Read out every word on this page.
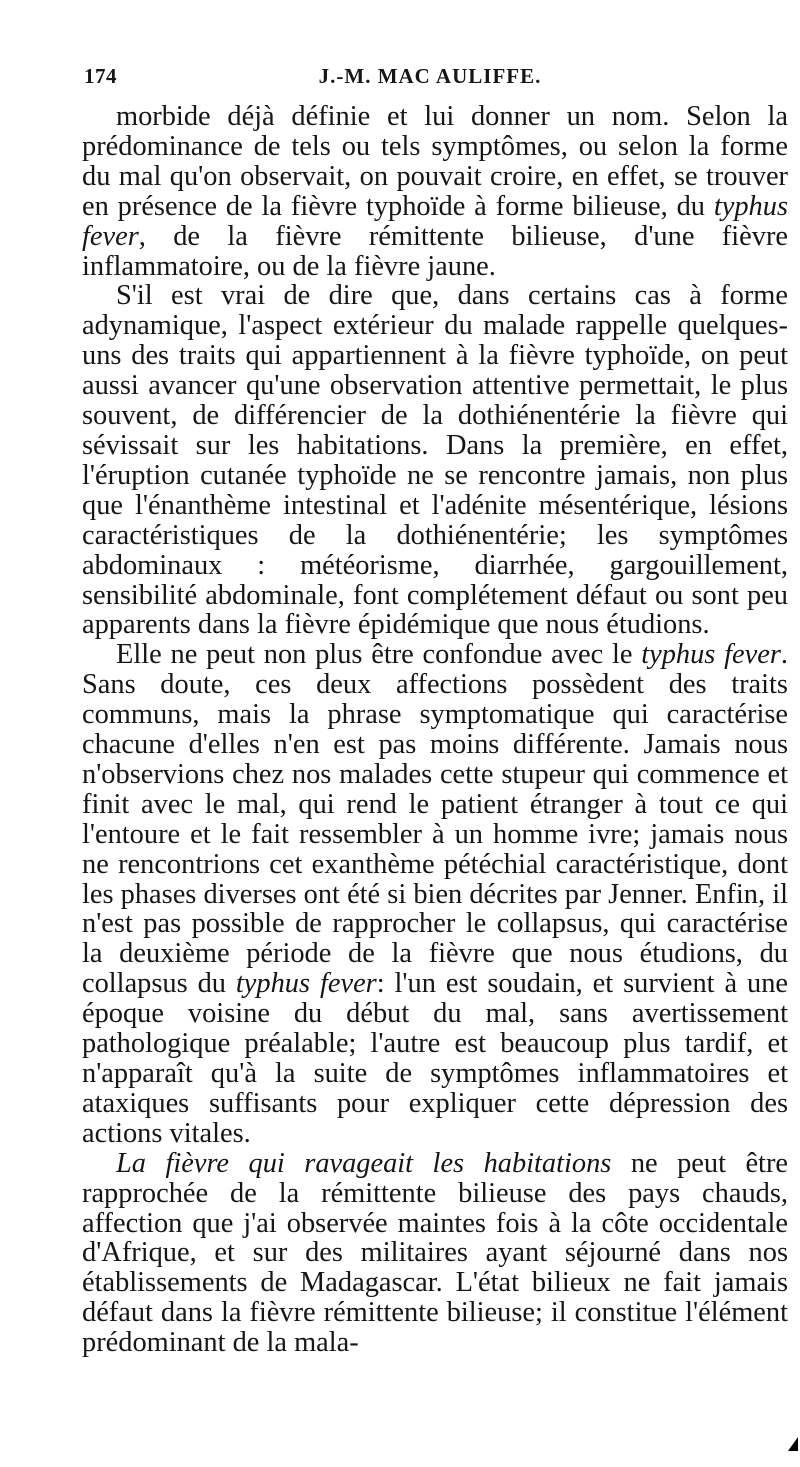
174	J.-M. MAC AULIFFE.

morbide déjà définie et lui donner un nom. Selon la prédominance de tels ou tels symptômes, ou selon la forme du mal qu'on observait, on pouvait croire, en effet, se trouver en présence de la fièvre typhoïde à forme bilieuse, du typhus fever, de la fièvre rémittente bilieuse, d'une fièvre inflammatoire, ou de la fièvre jaune.

S'il est vrai de dire que, dans certains cas à forme adynamique, l'aspect extérieur du malade rappelle quelques-uns des traits qui appartiennent à la fièvre typhoïde, on peut aussi avancer qu'une observation attentive permettait, le plus souvent, de différencier de la dothiénentérie la fièvre qui sévissait sur les habitations. Dans la première, en effet, l'éruption cutanée typhoïde ne se rencontre jamais, non plus que l'énanthème intestinal et l'adénite mésentérique, lésions caractéristiques de la dothiénentérie; les symptômes abdominaux : météorisme, diarrhée, gargouillement, sensibilité abdominale, font complétement défaut ou sont peu apparents dans la fièvre épidémique que nous étudions.

Elle ne peut non plus être confondue avec le typhus fever. Sans doute, ces deux affections possèdent des traits communs, mais la phrase symptomatique qui caractérise chacune d'elles n'en est pas moins différente. Jamais nous n'observions chez nos malades cette stupeur qui commence et finit avec le mal, qui rend le patient étranger à tout ce qui l'entoure et le fait ressembler à un homme ivre; jamais nous ne rencontrions cet exanthème pétéchial caractéristique, dont les phases diverses ont été si bien décrites par Jenner. Enfin, il n'est pas possible de rapprocher le collapsus, qui caractérise la deuxième période de la fièvre que nous étudions, du collapsus du typhus fever: l'un est soudain, et survient à une époque voisine du début du mal, sans avertissement pathologique préalable; l'autre est beaucoup plus tardif, et n'apparaît qu'à la suite de symptômes inflammatoires et ataxiques suffisants pour expliquer cette dépression des actions vitales.

La fièvre qui ravageait les habitations ne peut être rapprochée de la rémittente bilieuse des pays chauds, affection que j'ai observée maintes fois à la côte occidentale d'Afrique, et sur des militaires ayant séjourné dans nos établissements de Madagascar. L'état bilieux ne fait jamais défaut dans la fièvre rémittente bilieuse; il constitue l'élément prédominant de la mala-
